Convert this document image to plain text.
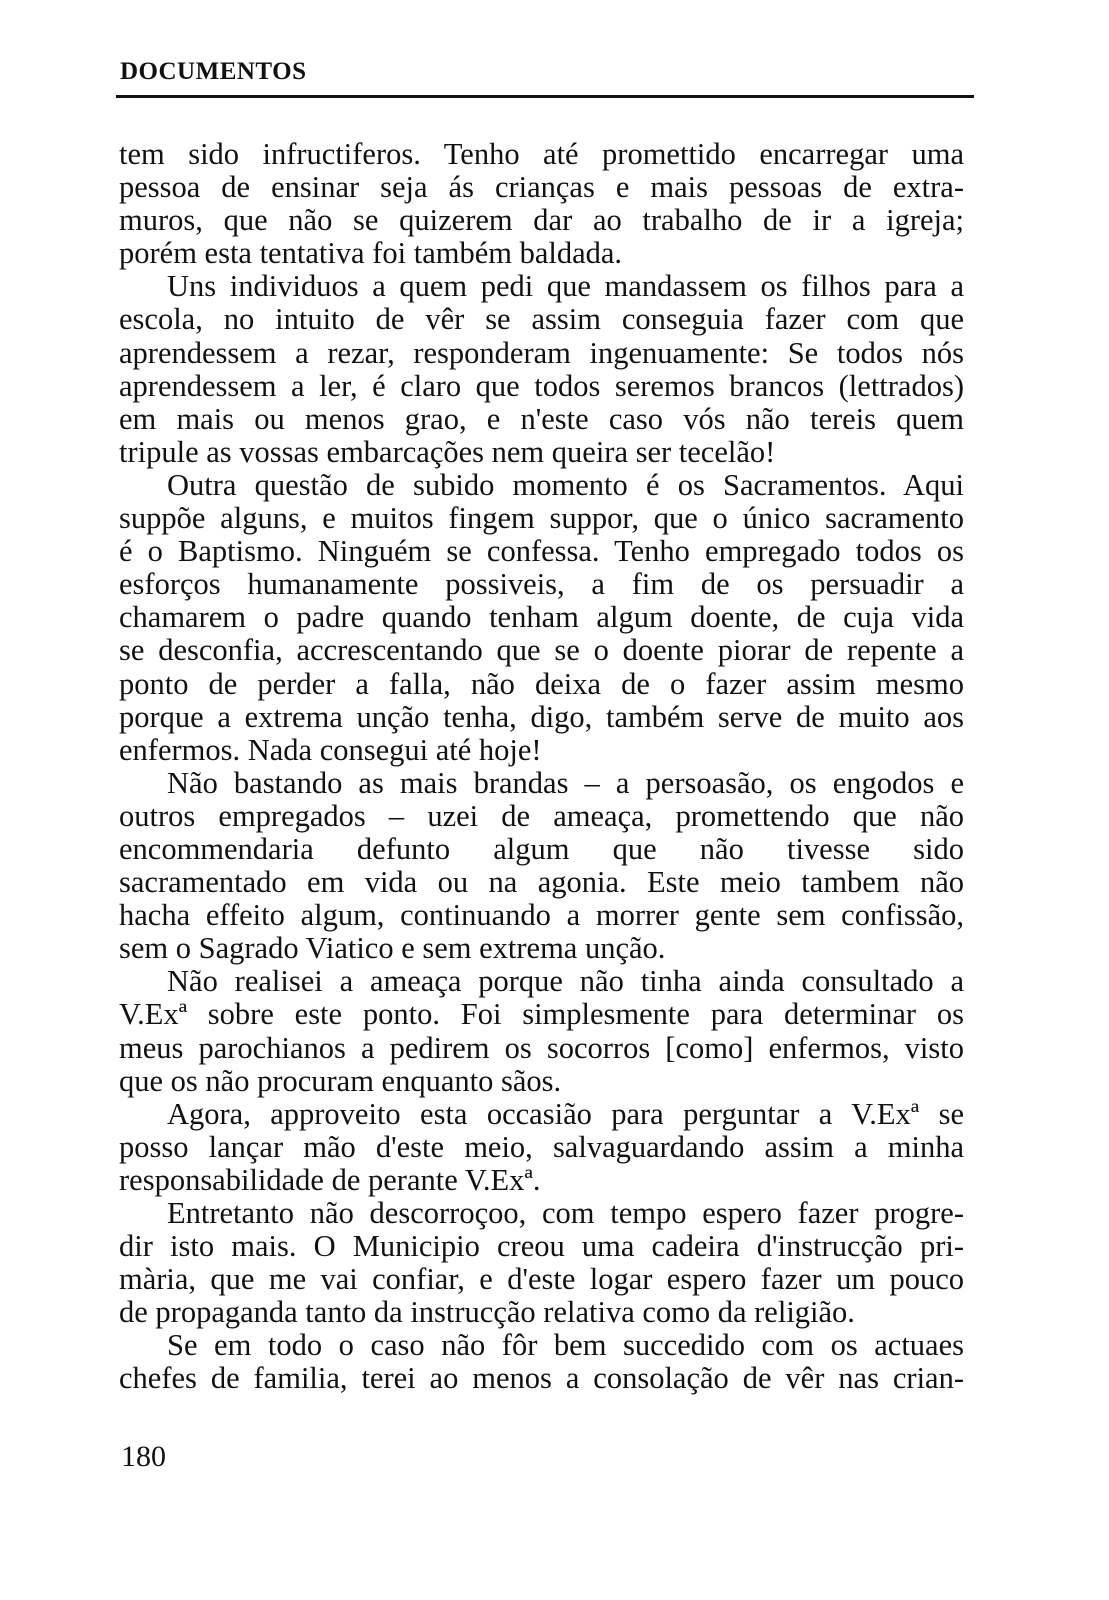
DOCUMENTOS
tem sido infructiferos. Tenho até promettido encarregar uma
pessoa de ensinar seja ás crianças e mais pessoas de extra-
muros, que não se quizerem dar ao trabalho de ir a igreja;
porém esta tentativa foi também baldada.
Uns individuos a quem pedi que mandassem os filhos para a
escola, no intuito de vêr se assim conseguia fazer com que
aprendessem a rezar, responderam ingenuamente: Se todos nós
aprendessem a ler, é claro que todos seremos brancos (lettrados)
em mais ou menos grao, e n'este caso vós não tereis quem
tripule as vossas embarcações nem queira ser tecelão!
Outra questão de subido momento é os Sacramentos. Aqui
suppõe alguns, e muitos fingem suppor, que o único sacramento
é o Baptismo. Ninguém se confessa. Tenho empregado todos os
esforços humanamente possiveis, a fim de os persuadir a
chamarem o padre quando tenham algum doente, de cuja vida
se desconfia, accrescentando que se o doente piorar de repente a
ponto de perder a falla, não deixa de o fazer assim mesmo
porque a extrema unção tenha, digo, também serve de muito aos
enfermos. Nada consegui até hoje!
Não bastando as mais brandas – a persoasão, os engodos e
outros empregados – uzei de ameaça, promettendo que não
encommendaria defunto algum que não tivesse sido
sacramentado em vida ou na agonia. Este meio tambem não
hacha effeito algum, continuando a morrer gente sem confissão,
sem o Sagrado Viatico e sem extrema unção.
Não realisei a ameaça porque não tinha ainda consultado a
V.Exª sobre este ponto. Foi simplesmente para determinar os
meus parochianos a pedirem os socorros [como] enfermos, visto
que os não procuram enquanto sãos.
Agora, approveito esta occasião para perguntar a V.Exª se
posso lançar mão d'este meio, salvaguardando assim a minha
responsabilidade de perante V.Exª.
Entretanto não descorroçoo, com tempo espero fazer progre-
dir isto mais. O Municipio creou uma cadeira d'instrucção pri-
mària, que me vai confiar, e d'este logar espero fazer um pouco
de propaganda tanto da instrucção relativa como da religião.
Se em todo o caso não fôr bem succedido com os actuaes
chefes de familia, terei ao menos a consolação de vêr nas crian-
180
